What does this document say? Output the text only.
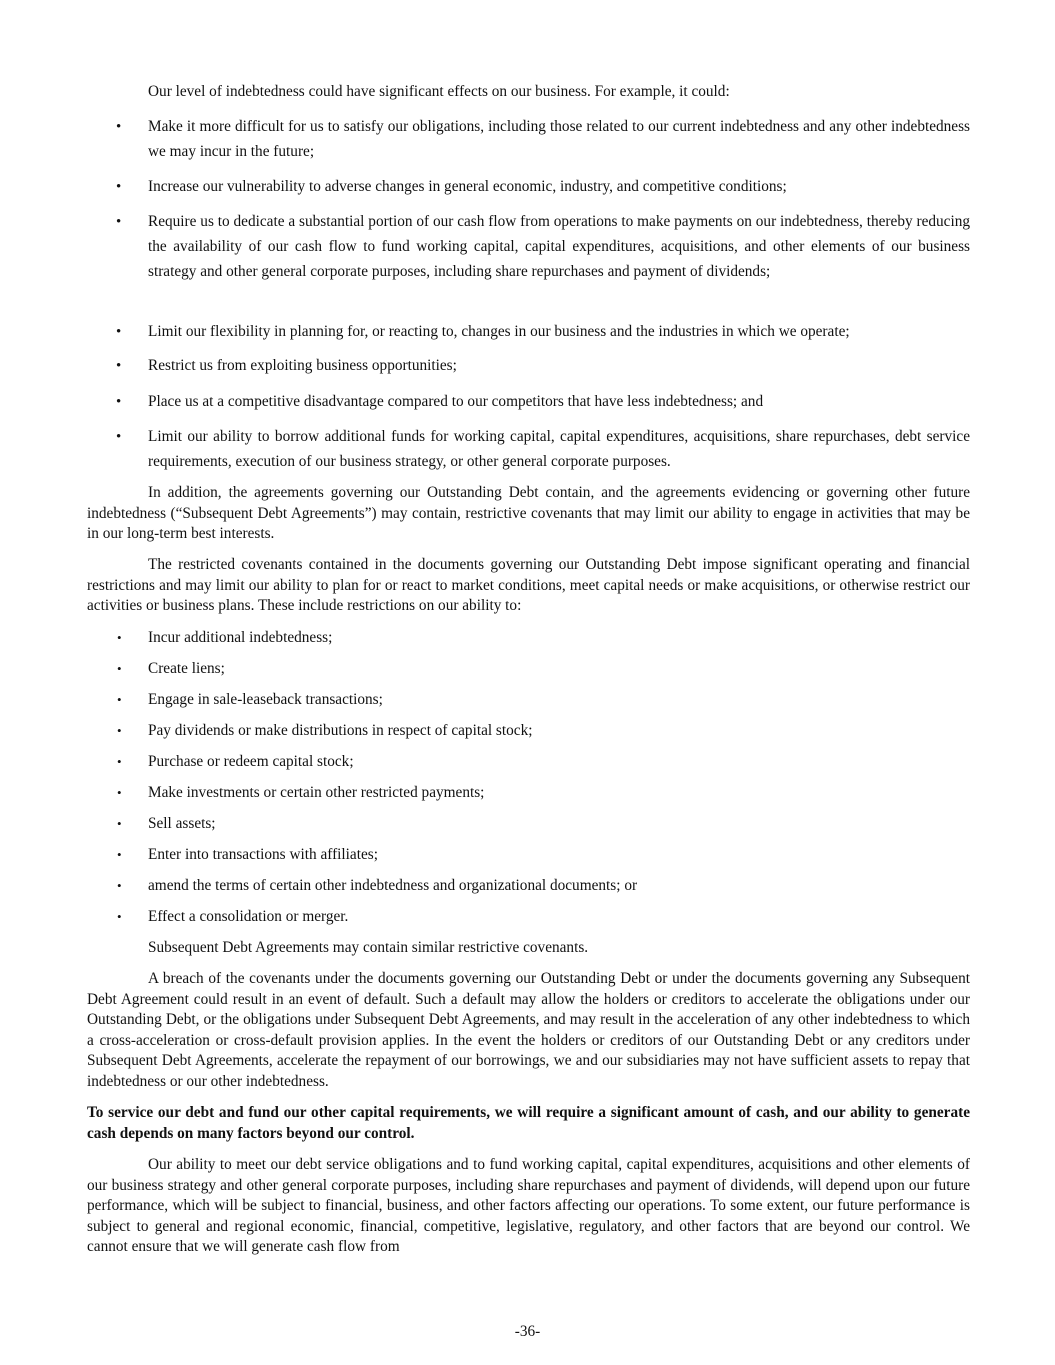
Our level of indebtedness could have significant effects on our business. For example, it could:

• Make it more difficult for us to satisfy our obligations, including those related to our current indebtedness and any other indebtedness we may incur in the future;

• Increase our vulnerability to adverse changes in general economic, industry, and competitive conditions;

• Require us to dedicate a substantial portion of our cash flow from operations to make payments on our indebtedness, thereby reducing the availability of our cash flow to fund working capital, capital expenditures, acquisitions, and other elements of our business strategy and other general corporate purposes, including share repurchases and payment of dividends;

• Limit our flexibility in planning for, or reacting to, changes in our business and the industries in which we operate;

• Restrict us from exploiting business opportunities;

• Place us at a competitive disadvantage compared to our competitors that have less indebtedness; and

• Limit our ability to borrow additional funds for working capital, capital expenditures, acquisitions, share repurchases, debt service requirements, execution of our business strategy, or other general corporate purposes.

In addition, the agreements governing our Outstanding Debt contain, and the agreements evidencing or governing other future indebtedness (“Subsequent Debt Agreements”) may contain, restrictive covenants that may limit our ability to engage in activities that may be in our long-term best interests.

The restricted covenants contained in the documents governing our Outstanding Debt impose significant operating and financial restrictions and may limit our ability to plan for or react to market conditions, meet capital needs or make acquisitions, or otherwise restrict our activities or business plans. These include restrictions on our ability to:

• Incur additional indebtedness;

• Create liens;

• Engage in sale-leaseback transactions;

• Pay dividends or make distributions in respect of capital stock;

• Purchase or redeem capital stock;

• Make investments or certain other restricted payments;

• Sell assets;

• Enter into transactions with affiliates;

• amend the terms of certain other indebtedness and organizational documents; or

• Effect a consolidation or merger.

Subsequent Debt Agreements may contain similar restrictive covenants.

A breach of the covenants under the documents governing our Outstanding Debt or under the documents governing any Subsequent Debt Agreement could result in an event of default. Such a default may allow the holders or creditors to accelerate the obligations under our Outstanding Debt, or the obligations under Subsequent Debt Agreements, and may result in the acceleration of any other indebtedness to which a cross-acceleration or cross-default provision applies. In the event the holders or creditors of our Outstanding Debt or any creditors under Subsequent Debt Agreements, accelerate the repayment of our borrowings, we and our subsidiaries may not have sufficient assets to repay that indebtedness or our other indebtedness.

To service our debt and fund our other capital requirements, we will require a significant amount of cash, and our ability to generate cash depends on many factors beyond our control.

Our ability to meet our debt service obligations and to fund working capital, capital expenditures, acquisitions and other elements of our business strategy and other general corporate purposes, including share repurchases and payment of dividends, will depend upon our future performance, which will be subject to financial, business, and other factors affecting our operations. To some extent, our future performance is subject to general and regional economic, financial, competitive, legislative, regulatory, and other factors that are beyond our control. We cannot ensure that we will generate cash flow from

-36-
